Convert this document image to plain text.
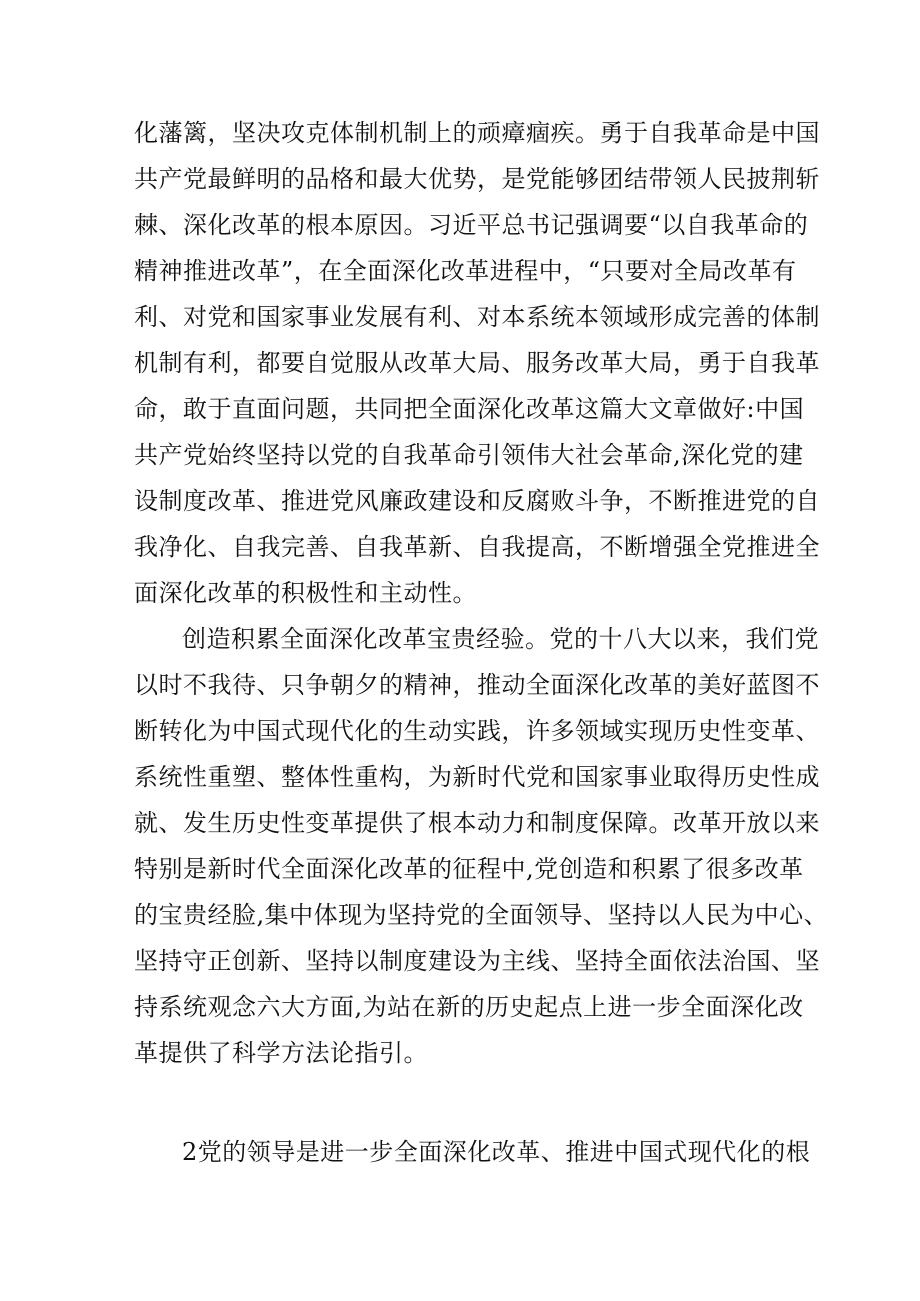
化藩篱，坚决攻克体制机制上的顽瘴痼疾。勇于自我革命是中国
共产党最鲜明的品格和最大优势，是党能够团结带领人民披荆斩
棘、深化改革的根本原因。习近平总书记强调要“以自我革命的
精神推进改革”，在全面深化改革进程中，“只要对全局改革有
利、对党和国家事业发展有利、对本系统本领域形成完善的体制
机制有利，都要自觉服从改革大局、服务改革大局，勇于自我革
命，敢于直面问题，共同把全面深化改革这篇大文章做好:中国
共产党始终坚持以党的自我革命引领伟大社会革命,深化党的建
设制度改革、推进党风廉政建设和反腐败斗争，不断推进党的自
我净化、自我完善、自我革新、自我提高，不断增强全党推进全
面深化改革的积极性和主动性。
创造积累全面深化改革宝贵经验。党的十八大以来，我们党
以时不我待、只争朝夕的精神，推动全面深化改革的美好蓝图不
断转化为中国式现代化的生动实践，许多领域实现历史性变革、
系统性重塑、整体性重构，为新时代党和国家事业取得历史性成
就、发生历史性变革提供了根本动力和制度保障。改革开放以来
特别是新时代全面深化改革的征程中,党创造和积累了很多改革
的宝贵经脸,集中体现为坚持党的全面领导、坚持以人民为中心、
坚持守正创新、坚持以制度建设为主线、坚持全面依法治国、坚
持系统观念六大方面,为站在新的历史起点上进一步全面深化改
革提供了科学方法论指引。
2党的领导是进一步全面深化改革、推进中国式现代化的根
